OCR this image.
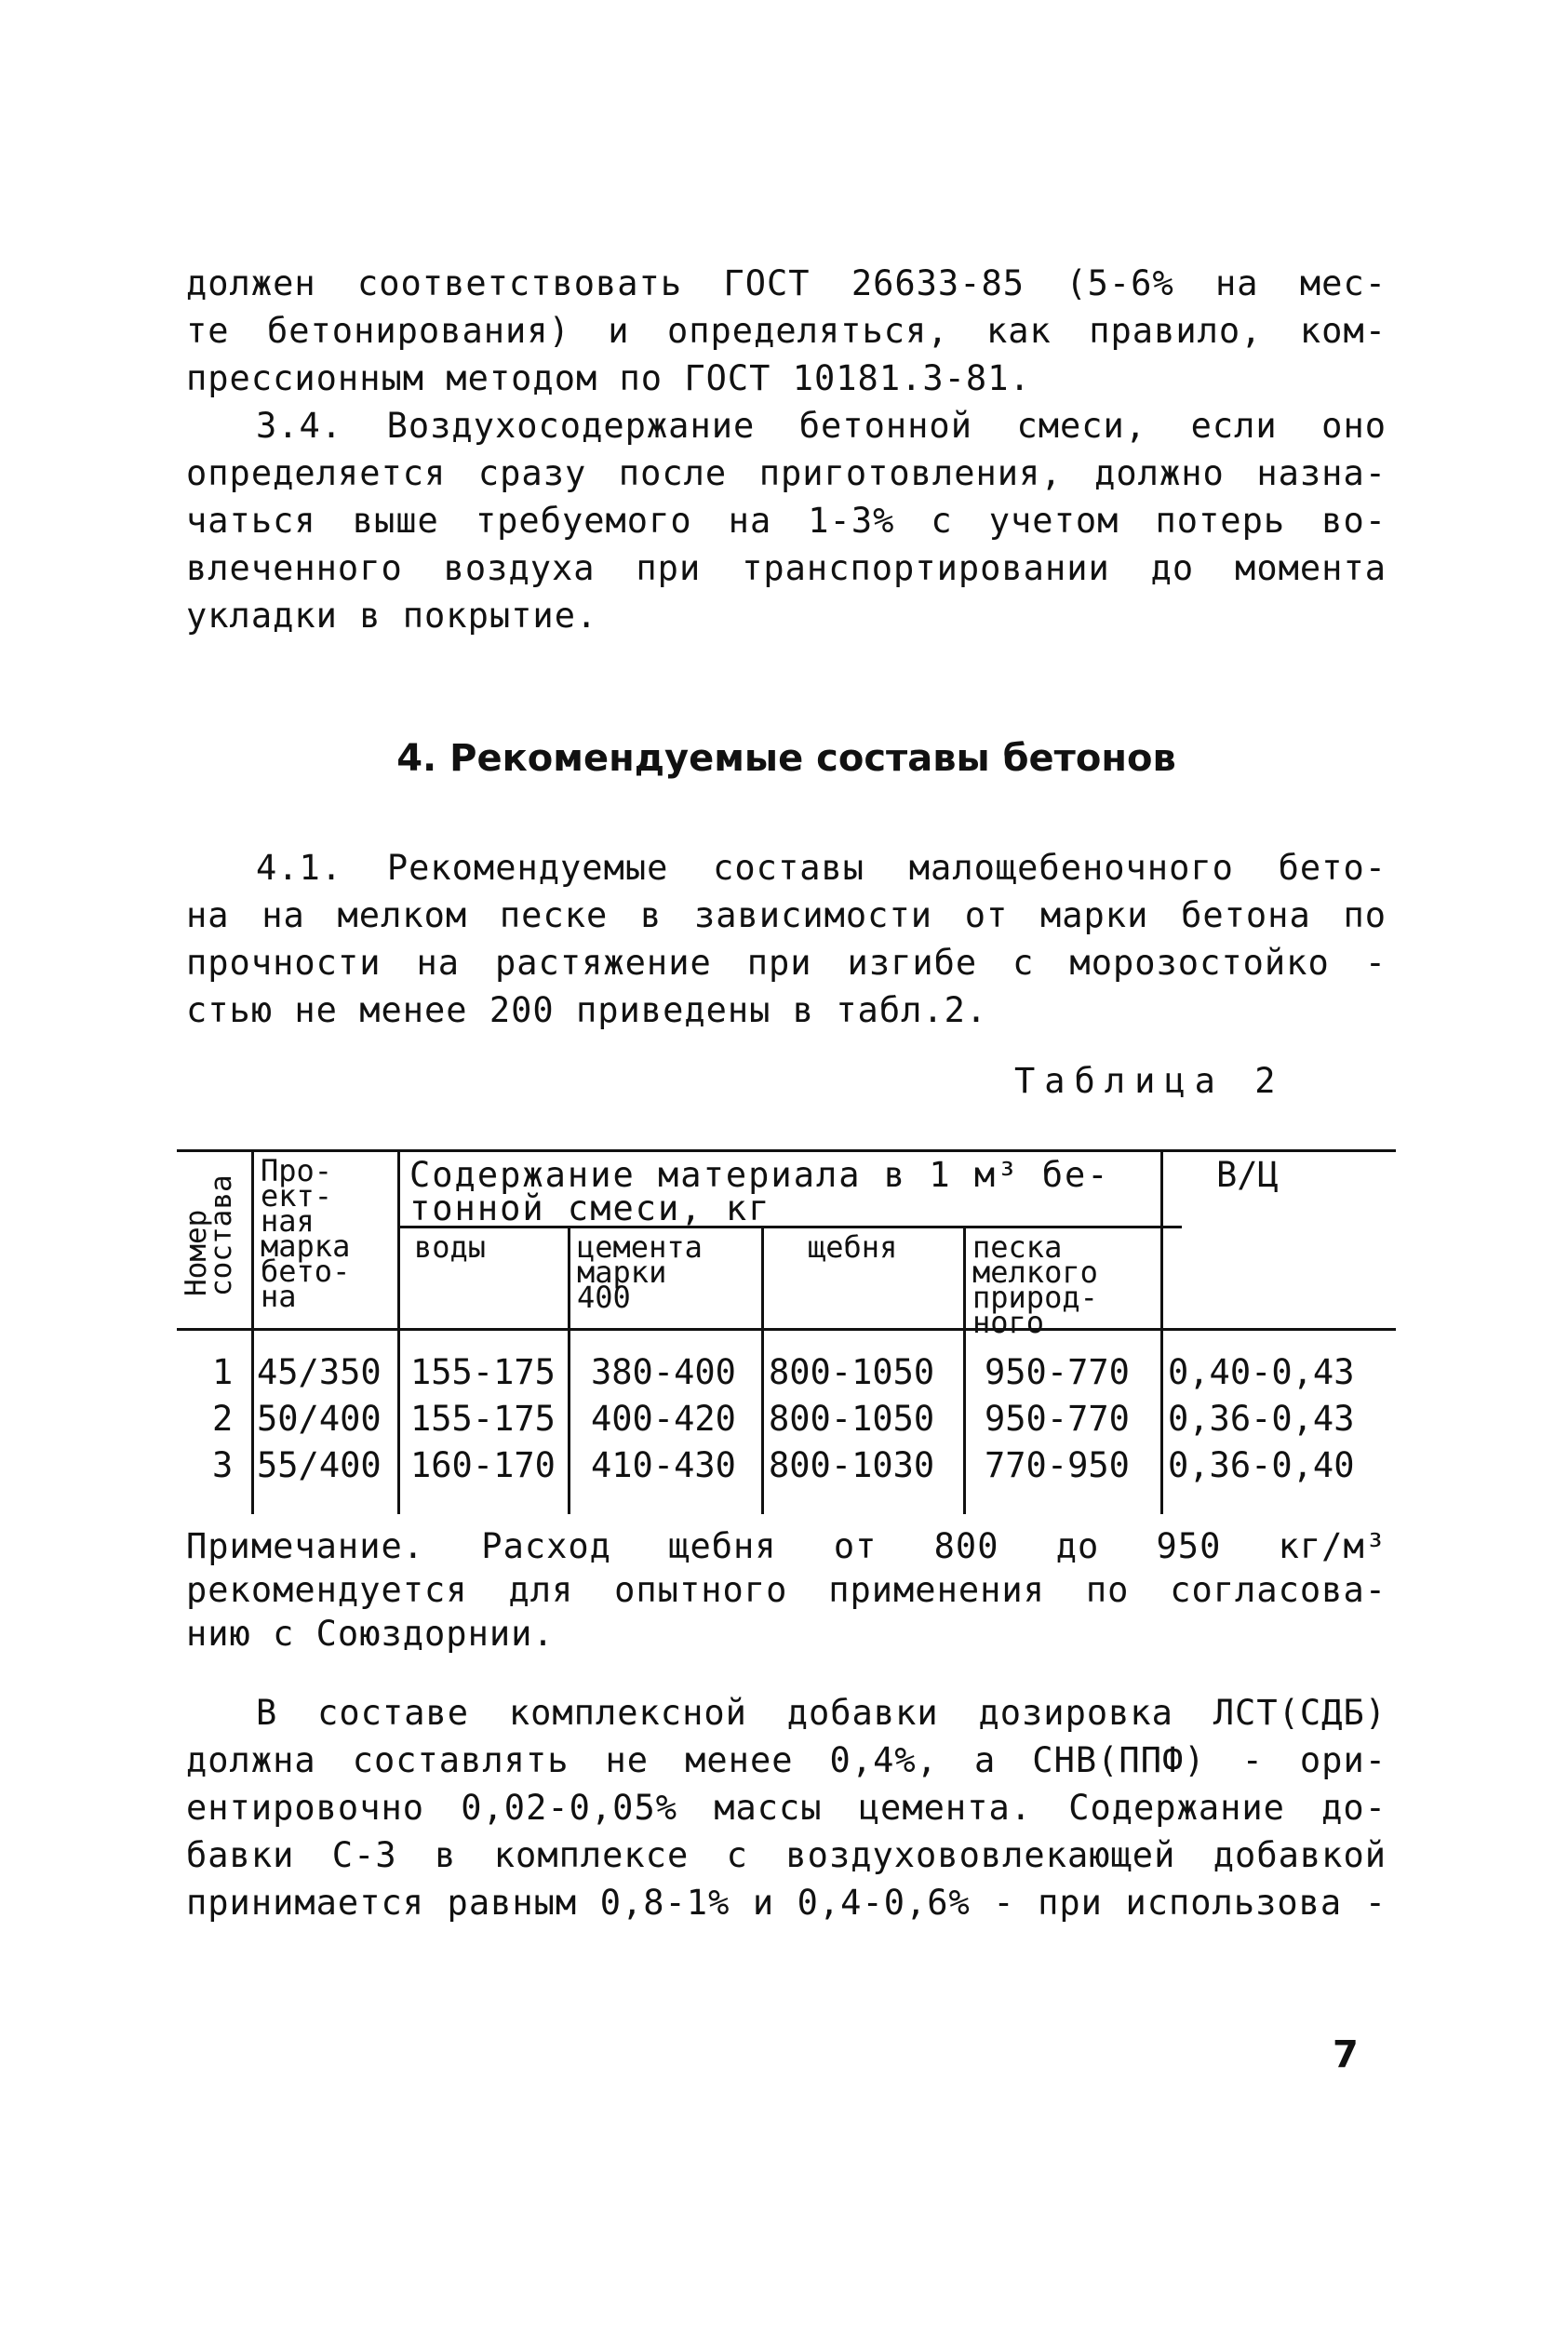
должен соответствовать ГОСТ 26633-85 (5-6% на мес-
те бетонирования) и определяться, как правило, ком-
прессионным методом по ГОСТ 10181.3-81.
3.4. Воздухосодержание бетонной смеси, если оно
определяется сразу после приготовления, должно назна-
чаться выше требуемого на 1-3% с учетом потерь во-
влеченного воздуха при транспортировании до момента
укладки в покрытие.
4. Рекомендуемые составы бетонов
4.1. Рекомендуемые составы малощебеночного бето-
на на мелком песке в зависимости от марки бетона по
прочности на растяжение при изгибе с морозостойко -
стью не менее 200 приведены в табл.2.
Таблица 2
Номер
состава
Про-
ект-
ная
марка
бето-
на
Содержание материала в 1 м³ бе-
тонной смеси, кг
воды	цемента
марки
400
щебня	песка
мелкого
природ-
ного
В/Ц
1 45/350 155-175 380-400 800-1050 950-770 0,40-0,43
2 50/400 155-175 400-420 800-1050 950-770 0,36-0,43
3 55/400 160-170 410-430 800-1030 770-950 0,36-0,40
Примечание. Расход щебня от 800 до 950 кг/м³
рекомендуется для опытного применения по согласова-
нию с Союздорнии.
В составе комплексной добавки дозировка ЛСТ(СДБ)
должна составлять не менее 0,4%, а СНВ(ППФ) - ори-
ентировочно 0,02-0,05% массы цемента. Содержание до-
бавки С-3 в комплексе с воздухововлекающей добавкой
принимается равным 0,8-1% и 0,4-0,6% - при использова -
7
